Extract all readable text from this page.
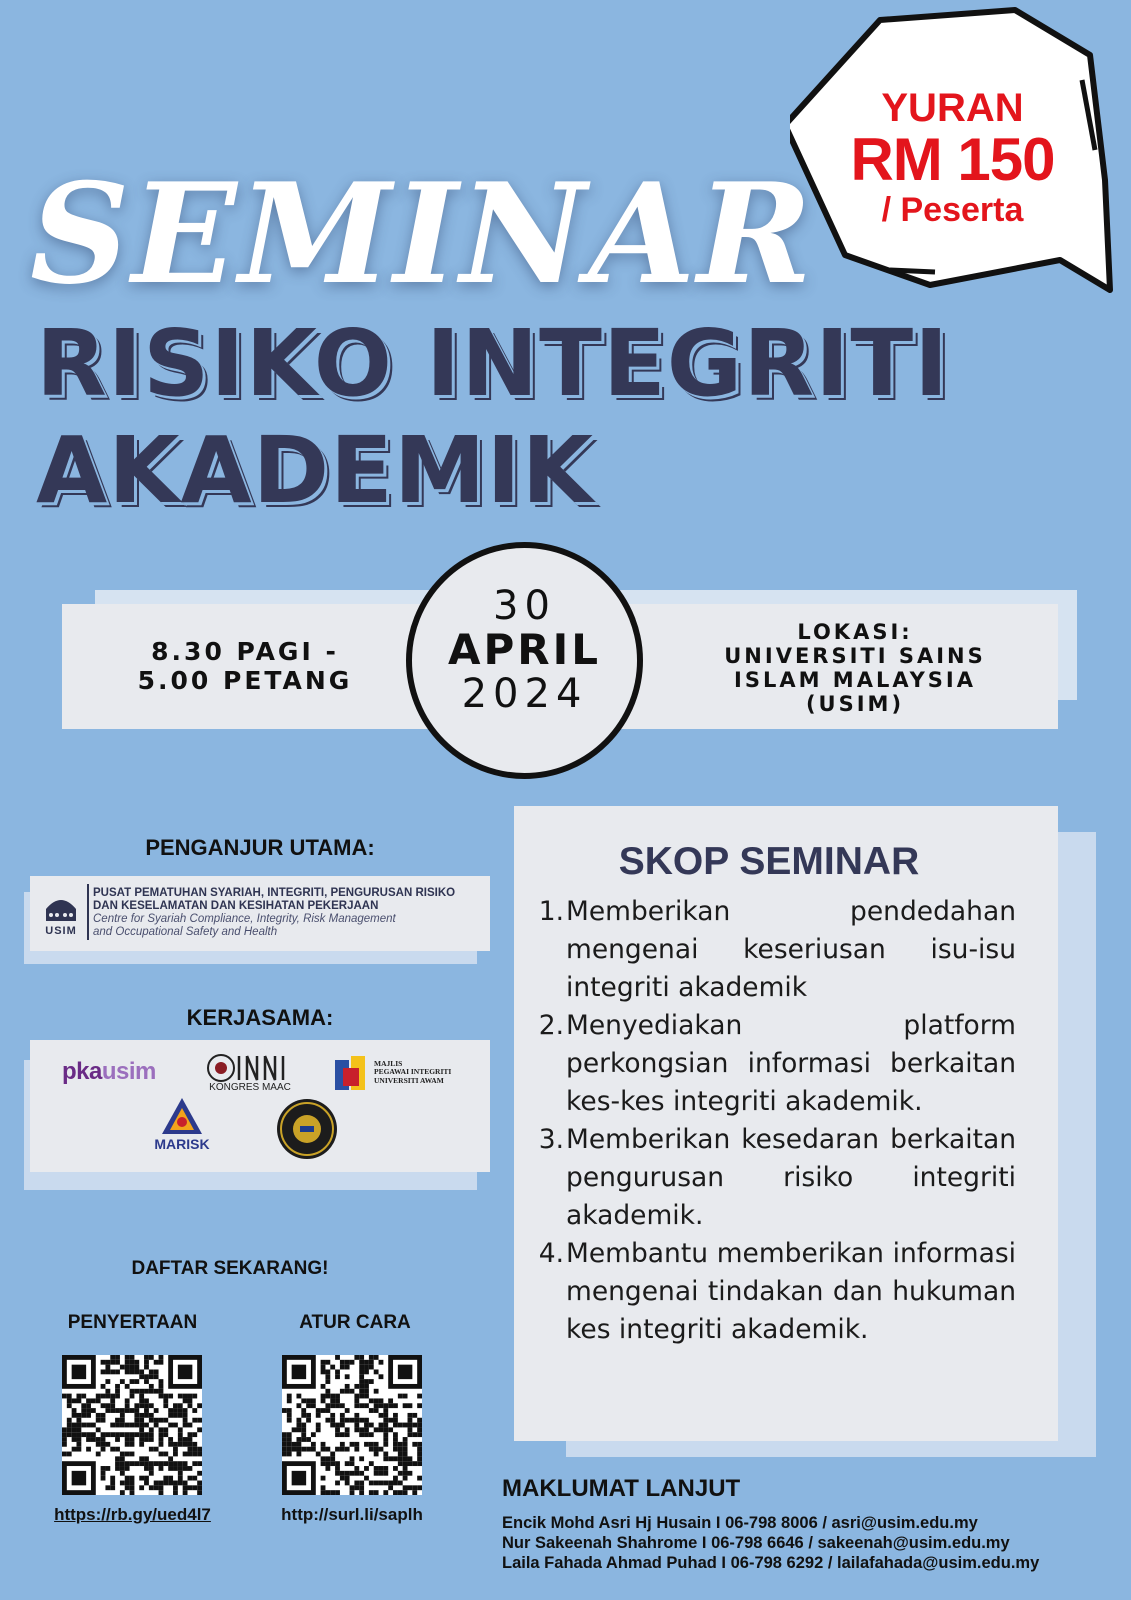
SEMINAR
RISIKO INTEGRITI
AKADEMIK
YURAN
RM 150
/ Peserta
8.30 PAGI -
5.00 PETANG
30
APRIL
2024
LOKASI:
UNIVERSITI SAINS
ISLAM MALAYSIA
(USIM)
PENGANJUR UTAMA:
USIM
PUSAT PEMATUHAN SYARIAH, INTEGRITI, PENGURUSAN RISIKO
DAN KESELAMATAN DAN KESIHATAN PEKERJAAN
Centre for Syariah Compliance, Integrity, Risk Management
and Occupational Safety and Health
KERJASAMA:
pkausim
KONGRES MAAC
MAJLIS
PEGAWAI INTEGRITI
UNIVERSITI AWAM
MARISK
DAFTAR SEKARANG!
PENYERTAAN	ATUR CARA
https://rb.gy/ued4l7	http://surl.li/saplh
SKOP SEMINAR
1. Memberikan pendedahan mengenai keseriusan isu-isu integriti akademik
2. Menyediakan platform perkongsian informasi berkaitan kes-kes integriti akademik.
3. Memberikan kesedaran berkaitan pengurusan risiko integriti akademik.
4. Membantu memberikan informasi mengenai tindakan dan hukuman kes integriti akademik.
MAKLUMAT LANJUT
Encik Mohd Asri Hj Husain I 06-798 8006 / asri@usim.edu.my
Nur Sakeenah Shahrome I 06-798 6646 / sakeenah@usim.edu.my
Laila Fahada Ahmad Puhad I 06-798 6292 / lailafahada@usim.edu.my
